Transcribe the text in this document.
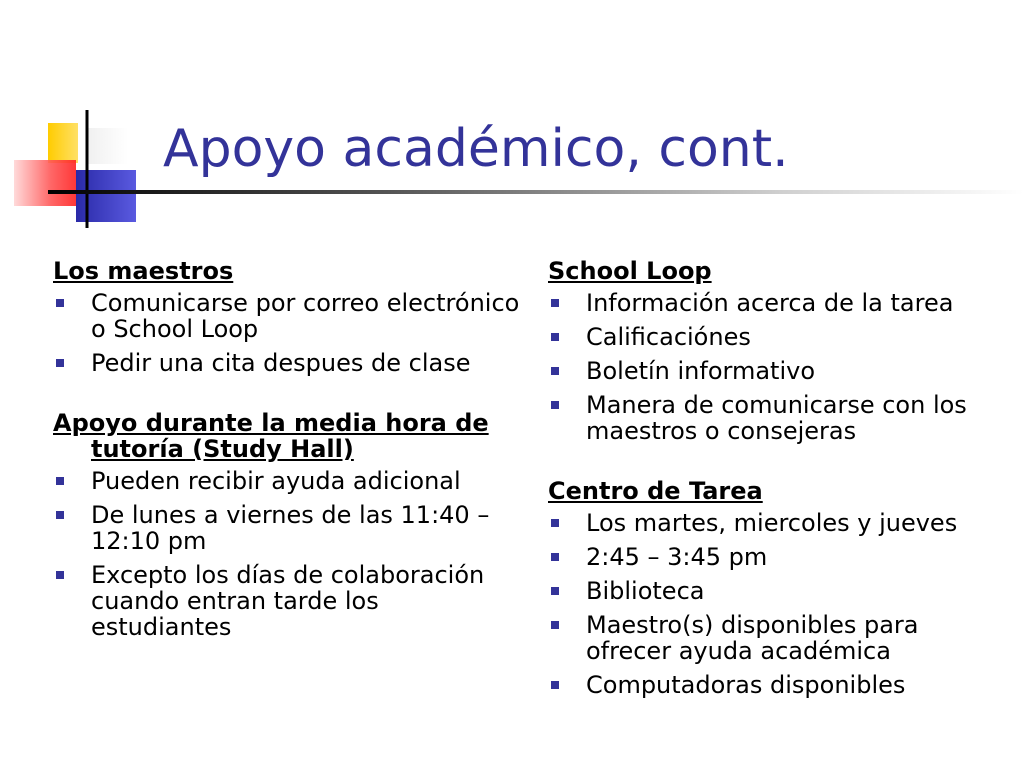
Apoyo académico, cont.
Los maestros
Comunicarse por correo electrónico o School Loop
Pedir una cita despues de clase
Apoyo durante la media hora de tutoría (Study Hall)
Pueden recibir ayuda adicional
De lunes a viernes de las 11:40 – 12:10 pm
Excepto los días de colaboración cuando entran tarde los estudiantes
School Loop
Información acerca de la tarea
Calificaciónes
Boletín informativo
Manera de comunicarse con los maestros o consejeras
Centro de Tarea
Los martes, miercoles y jueves
2:45 – 3:45 pm
Biblioteca
Maestro(s) disponibles para ofrecer ayuda académica
Computadoras disponibles
